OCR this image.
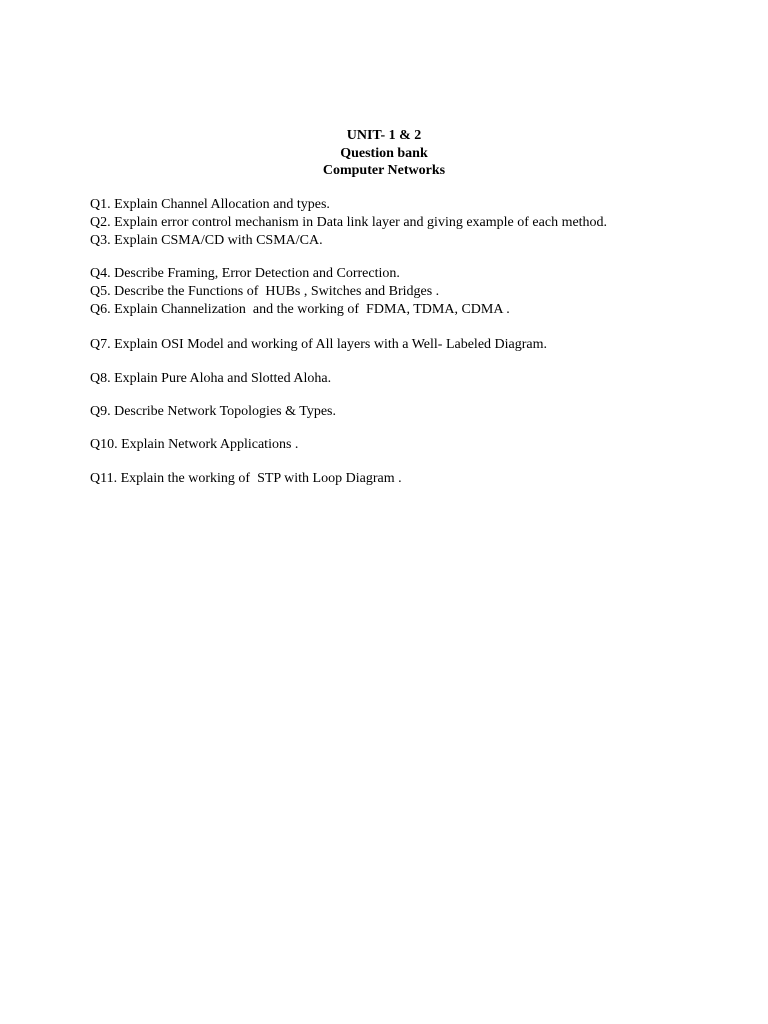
UNIT- 1 & 2
Question bank
Computer Networks
Q1. Explain Channel Allocation and types.
Q2. Explain error control mechanism in Data link layer and giving example of each method.
Q3. Explain CSMA/CD with CSMA/CA.
Q4. Describe Framing, Error Detection and Correction.
Q5. Describe the Functions of  HUBs , Switches and Bridges .
Q6. Explain Channelization  and the working of  FDMA, TDMA, CDMA .
Q7. Explain OSI Model and working of All layers with a Well- Labeled Diagram.
Q8. Explain Pure Aloha and Slotted Aloha.
Q9. Describe Network Topologies & Types.
Q10. Explain Network Applications .
Q11. Explain the working of  STP with Loop Diagram .
